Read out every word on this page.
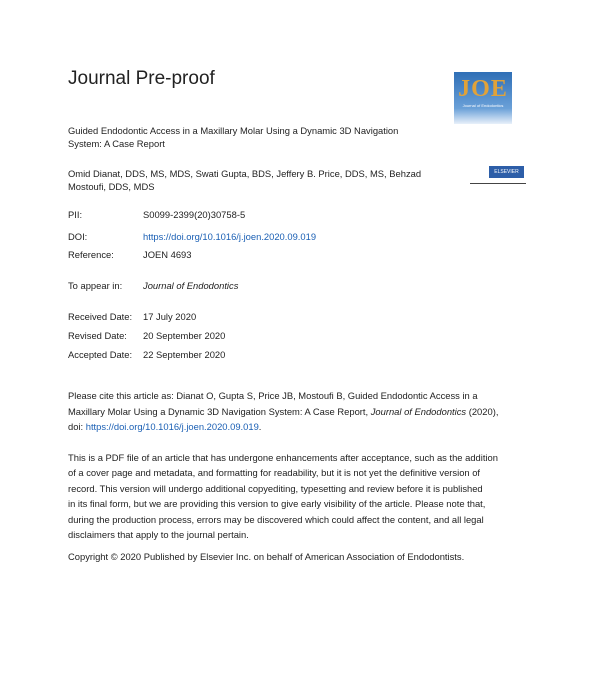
Journal Pre-proof	JOE
Journal of Endodontics
ELSEVIER
Guided Endodontic Access in a Maxillary Molar Using a Dynamic 3D Navigation
System: A Case Report
Omid Dianat, DDS, MS, MDS, Swati Gupta, BDS, Jeffery B. Price, DDS, MS, Behzad
Mostoufi, DDS, MDS
PII:	S0099-2399(20)30758-5
DOI:	https://doi.org/10.1016/j.joen.2020.09.019
Reference:	JOEN 4693
To appear in: Journal of Endodontics
Received Date: 17 July 2020
Revised Date: 20 September 2020
Accepted Date: 22 September 2020
Please cite this article as: Dianat O, Gupta S, Price JB, Mostoufi B, Guided Endodontic Access in a
Maxillary Molar Using a Dynamic 3D Navigation System: A Case Report, Journal of Endodontics (2020),
doi: https://doi.org/10.1016/j.joen.2020.09.019.
This is a PDF file of an article that has undergone enhancements after acceptance, such as the addition
of a cover page and metadata, and formatting for readability, but it is not yet the definitive version of
record. This version will undergo additional copyediting, typesetting and review before it is published
in its final form, but we are providing this version to give early visibility of the article. Please note that,
during the production process, errors may be discovered which could affect the content, and all legal
disclaimers that apply to the journal pertain.
Copyright © 2020 Published by Elsevier Inc. on behalf of American Association of Endodontists.
